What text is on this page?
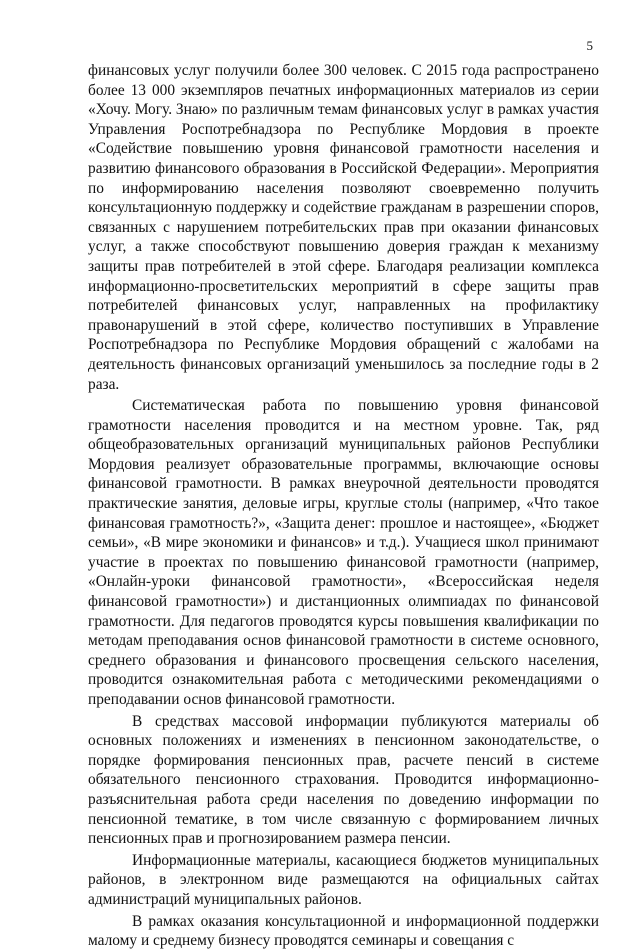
5

финансовых услуг получили более 300 человек. С 2015 года распространено более 13 000 экземпляров печатных информационных материалов из серии «Хочу. Могу. Знаю» по различным темам финансовых услуг в рамках участия Управления Роспотребнадзора по Республике Мордовия в проекте «Содействие повышению уровня финансовой грамотности населения и развитию финансового образования в Российской Федерации». Мероприятия по информированию населения позволяют своевременно получить консультационную поддержку и содействие гражданам в разрешении споров, связанных с нарушением потребительских прав при оказании финансовых услуг, а также способствуют повышению доверия граждан к механизму защиты прав потребителей в этой сфере. Благодаря реализации комплекса информационно-просветительских мероприятий в сфере защиты прав потребителей финансовых услуг, направленных на профилактику правонарушений в этой сфере, количество поступивших в Управление Роспотребнадзора по Республике Мордовия обращений с жалобами на деятельность финансовых организаций уменьшилось за последние годы в 2 раза.

Систематическая работа по повышению уровня финансовой грамотности населения проводится и на местном уровне. Так, ряд общеобразовательных организаций муниципальных районов Республики Мордовия реализует образовательные программы, включающие основы финансовой грамотности. В рамках внеурочной деятельности проводятся практические занятия, деловые игры, круглые столы (например, «Что такое финансовая грамотность?», «Защита денег: прошлое и настоящее», «Бюджет семьи», «В мире экономики и финансов» и т.д.). Учащиеся школ принимают участие в проектах по повышению финансовой грамотности (например, «Онлайн-уроки финансовой грамотности», «Всероссийская неделя финансовой грамотности») и дистанционных олимпиадах по финансовой грамотности. Для педагогов проводятся курсы повышения квалификации по методам преподавания основ финансовой грамотности в системе основного, среднего образования и финансового просвещения сельского населения, проводится ознакомительная работа с методическими рекомендациями о преподавании основ финансовой грамотности.

В средствах массовой информации публикуются материалы об основных положениях и изменениях в пенсионном законодательстве, о порядке формирования пенсионных прав, расчете пенсий в системе обязательного пенсионного страхования. Проводится информационно-разъяснительная работа среди населения по доведению информации по пенсионной тематике, в том числе связанную с формированием личных пенсионных прав и прогнозированием размера пенсии.

Информационные материалы, касающиеся бюджетов муниципальных районов, в электронном виде размещаются на официальных сайтах администраций муниципальных районов.

В рамках оказания консультационной и информационной поддержки малому и среднему бизнесу проводятся семинары и совещания с
